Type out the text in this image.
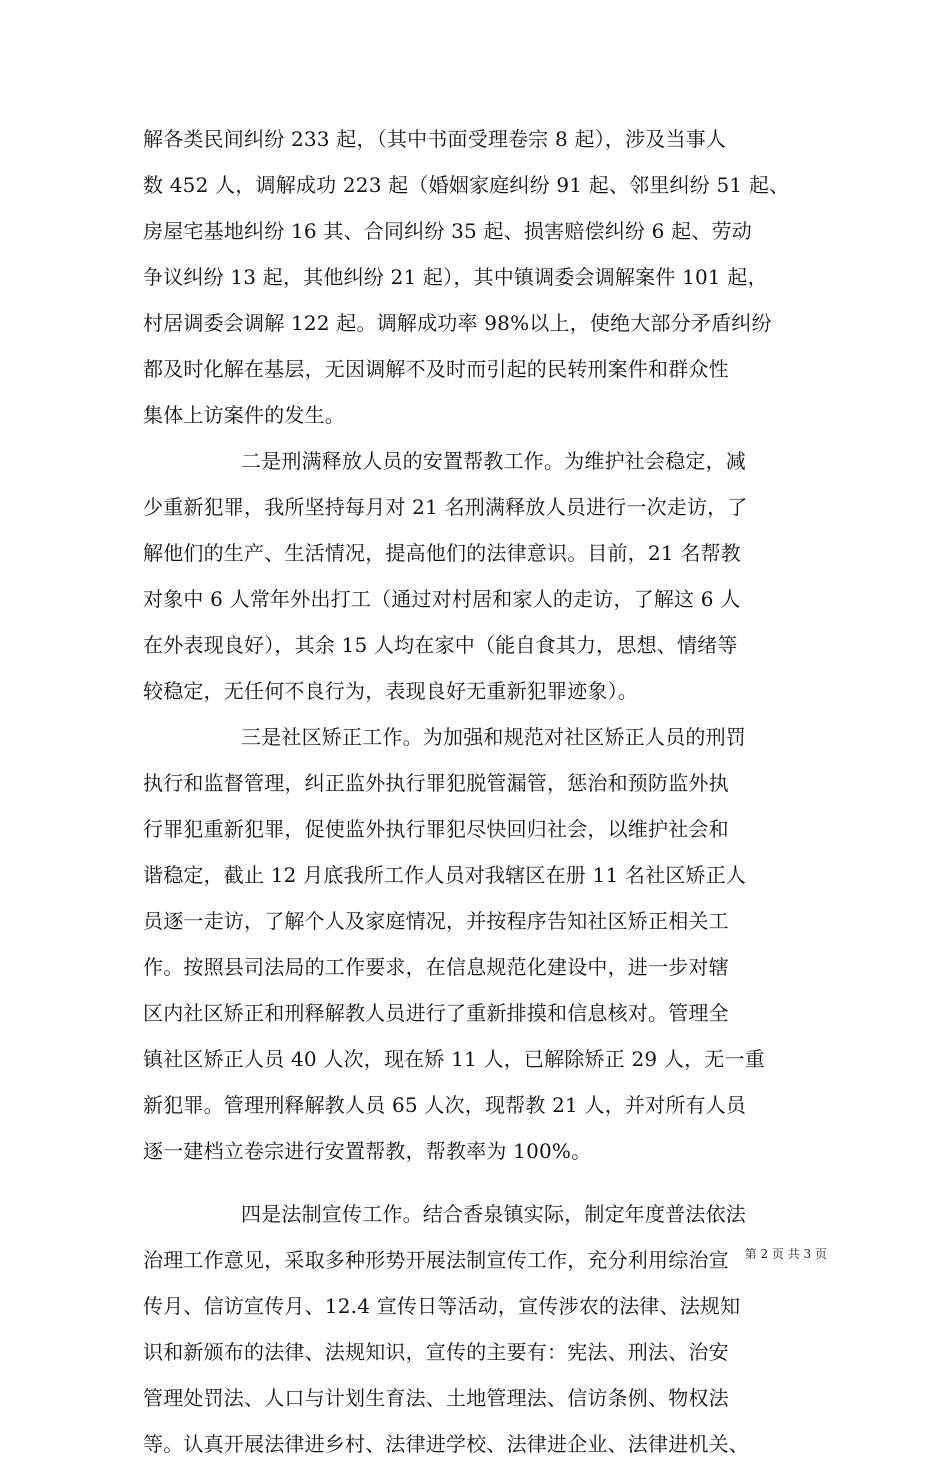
解各类民间纠纷 233 起，（其中书面受理卷宗 8 起），涉及当事人
数 452 人，调解成功 223 起（婚姻家庭纠纷 91 起、邻里纠纷 51 起、
房屋宅基地纠纷 16 其、合同纠纷 35 起、损害赔偿纠纷 6 起、劳动
争议纠纷 13 起，其他纠纷 21 起），其中镇调委会调解案件 101 起，
村居调委会调解 122 起。调解成功率 98%以上，使绝大部分矛盾纠纷
都及时化解在基层，无因调解不及时而引起的民转刑案件和群众性
集体上访案件的发生。
二是刑满释放人员的安置帮教工作。为维护社会稳定，减
少重新犯罪，我所坚持每月对 21 名刑满释放人员进行一次走访，了
解他们的生产、生活情况，提高他们的法律意识。目前，21 名帮教
对象中 6 人常年外出打工（通过对村居和家人的走访，了解这 6 人
在外表现良好），其余 15 人均在家中（能自食其力，思想、情绪等
较稳定，无任何不良行为，表现良好无重新犯罪迹象）。
三是社区矫正工作。为加强和规范对社区矫正人员的刑罚
执行和监督管理，纠正监外执行罪犯脱管漏管，惩治和预防监外执
行罪犯重新犯罪，促使监外执行罪犯尽快回归社会，以维护社会和
谐稳定，截止 12 月底我所工作人员对我辖区在册 11 名社区矫正人
员逐一走访，了解个人及家庭情况，并按程序告知社区矫正相关工
作。按照县司法局的工作要求，在信息规范化建设中，进一步对辖
区内社区矫正和刑释解教人员进行了重新排摸和信息核对。管理全
镇社区矫正人员 40 人次，现在矫 11 人，已解除矫正 29 人，无一重
新犯罪。管理刑释解教人员 65 人次，现帮教 21 人，并对所有人员
逐一建档立卷宗进行安置帮教，帮教率为 100%。
四是法制宣传工作。结合香泉镇实际，制定年度普法依法
治理工作意见，采取多种形势开展法制宣传工作，充分利用综治宣
传月、信访宣传月、12.4 宣传日等活动，宣传涉农的法律、法规知
识和新颁布的法律、法规知识，宣传的主要有：宪法、刑法、治安
管理处罚法、人口与计划生育法、土地管理法、信访条例、物权法
等。认真开展法律进乡村、法律进学校、法律进企业、法律进机关、
第 2 页 共 3 页
